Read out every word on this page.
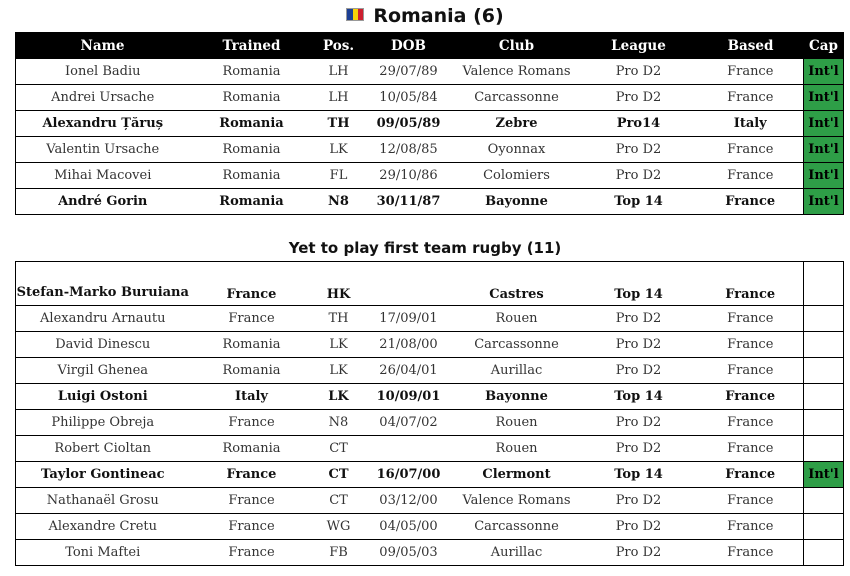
Romania (6)
Name	Trained	Pos.	DOB	Club	League	Based	Cap
Ionel Badiu	Romania	LH	29/07/89	Valence Romans	Pro D2	France	Int'l
Andrei Ursache	Romania	LH	10/05/84	Carcassonne	Pro D2	France	Int'l
Alexandru Țăruș	Romania	TH	09/05/89	Zebre	Pro14	Italy	Int'l
Valentin Ursache	Romania	LK	12/08/85	Oyonnax	Pro D2	France	Int'l
Mihai Macovei	Romania	FL	29/10/86	Colomiers	Pro D2	France	Int'l
André Gorin	Romania	N8	30/11/87	Bayonne	Top 14	France	Int'l
Yet to play first team rugby (11)
Stefan-Marko Buruiana	France	HK		Castres	Top 14	France	
Alexandru Arnautu	France	TH	17/09/01	Rouen	Pro D2	France	
David Dinescu	Romania	LK	21/08/00	Carcassonne	Pro D2	France	
Virgil Ghenea	Romania	LK	26/04/01	Aurillac	Pro D2	France	
Luigi Ostoni	Italy	LK	10/09/01	Bayonne	Top 14	France	
Philippe Obreja	France	N8	04/07/02	Rouen	Pro D2	France	
Robert Cioltan	Romania	CT		Rouen	Pro D2	France	
Taylor Gontineac	France	CT	16/07/00	Clermont	Top 14	France	Int'l
Nathanaël Grosu	France	CT	03/12/00	Valence Romans	Pro D2	France	
Alexandre Cretu	France	WG	04/05/00	Carcassonne	Pro D2	France	
Toni Maftei	France	FB	09/05/03	Aurillac	Pro D2	France	
